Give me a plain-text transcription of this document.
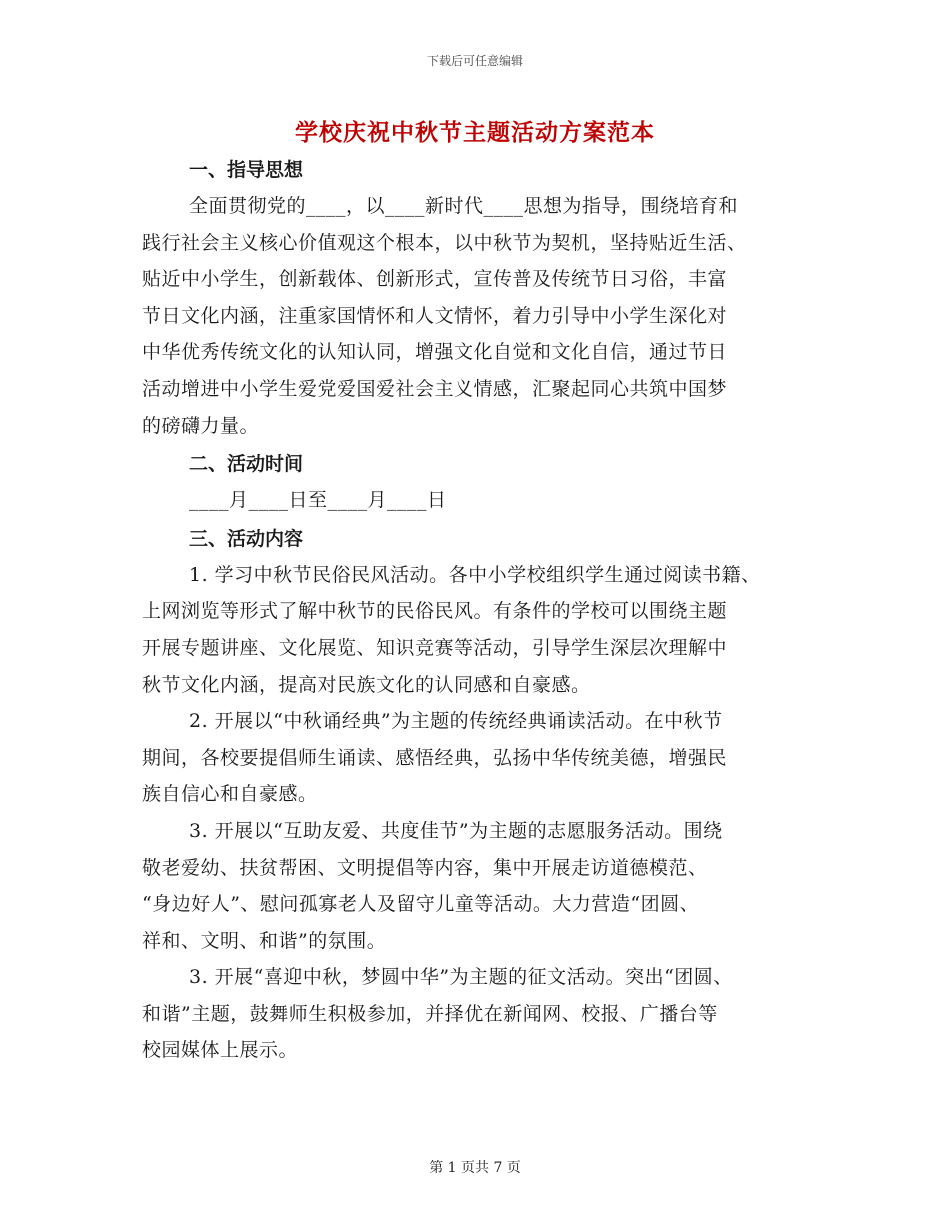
下载后可任意编辑
学校庆祝中秋节主题活动方案范本
一、指导思想

全面贯彻党的____，以____新时代____思想为指导，围绕培育和
践行社会主义核心价值观这个根本，以中秋节为契机，坚持贴近生活、
贴近中小学生，创新载体、创新形式，宣传普及传统节日习俗，丰富
节日文化内涵，注重家国情怀和人文情怀，着力引导中小学生深化对
中华优秀传统文化的认知认同，增强文化自觉和文化自信，通过节日
活动增进中小学生爱党爱国爱社会主义情感，汇聚起同心共筑中国梦
的磅礴力量。

二、活动时间

____月____日至____月____日

三、活动内容

1. 学习中秋节民俗民风活动。各中小学校组织学生通过阅读书籍、
上网浏览等形式了解中秋节的民俗民风。有条件的学校可以围绕主题
开展专题讲座、文化展览、知识竞赛等活动，引导学生深层次理解中
秋节文化内涵，提高对民族文化的认同感和自豪感。

2. 开展以“中秋诵经典”为主题的传统经典诵读活动。在中秋节
期间，各校要提倡师生诵读、感悟经典，弘扬中华传统美德，增强民
族自信心和自豪感。

3. 开展以“互助友爱、共度佳节”为主题的志愿服务活动。围绕
敬老爱幼、扶贫帮困、文明提倡等内容，集中开展走访道德模范、
“身边好人”、慰问孤寡老人及留守儿童等活动。大力营造“团圆、
祥和、文明、和谐”的氛围。

3. 开展“喜迎中秋，梦圆中华”为主题的征文活动。突出“团圆、
和谐”主题，鼓舞师生积极参加，并择优在新闻网、校报、广播台等
校园媒体上展示。

第 1 页共 7 页
